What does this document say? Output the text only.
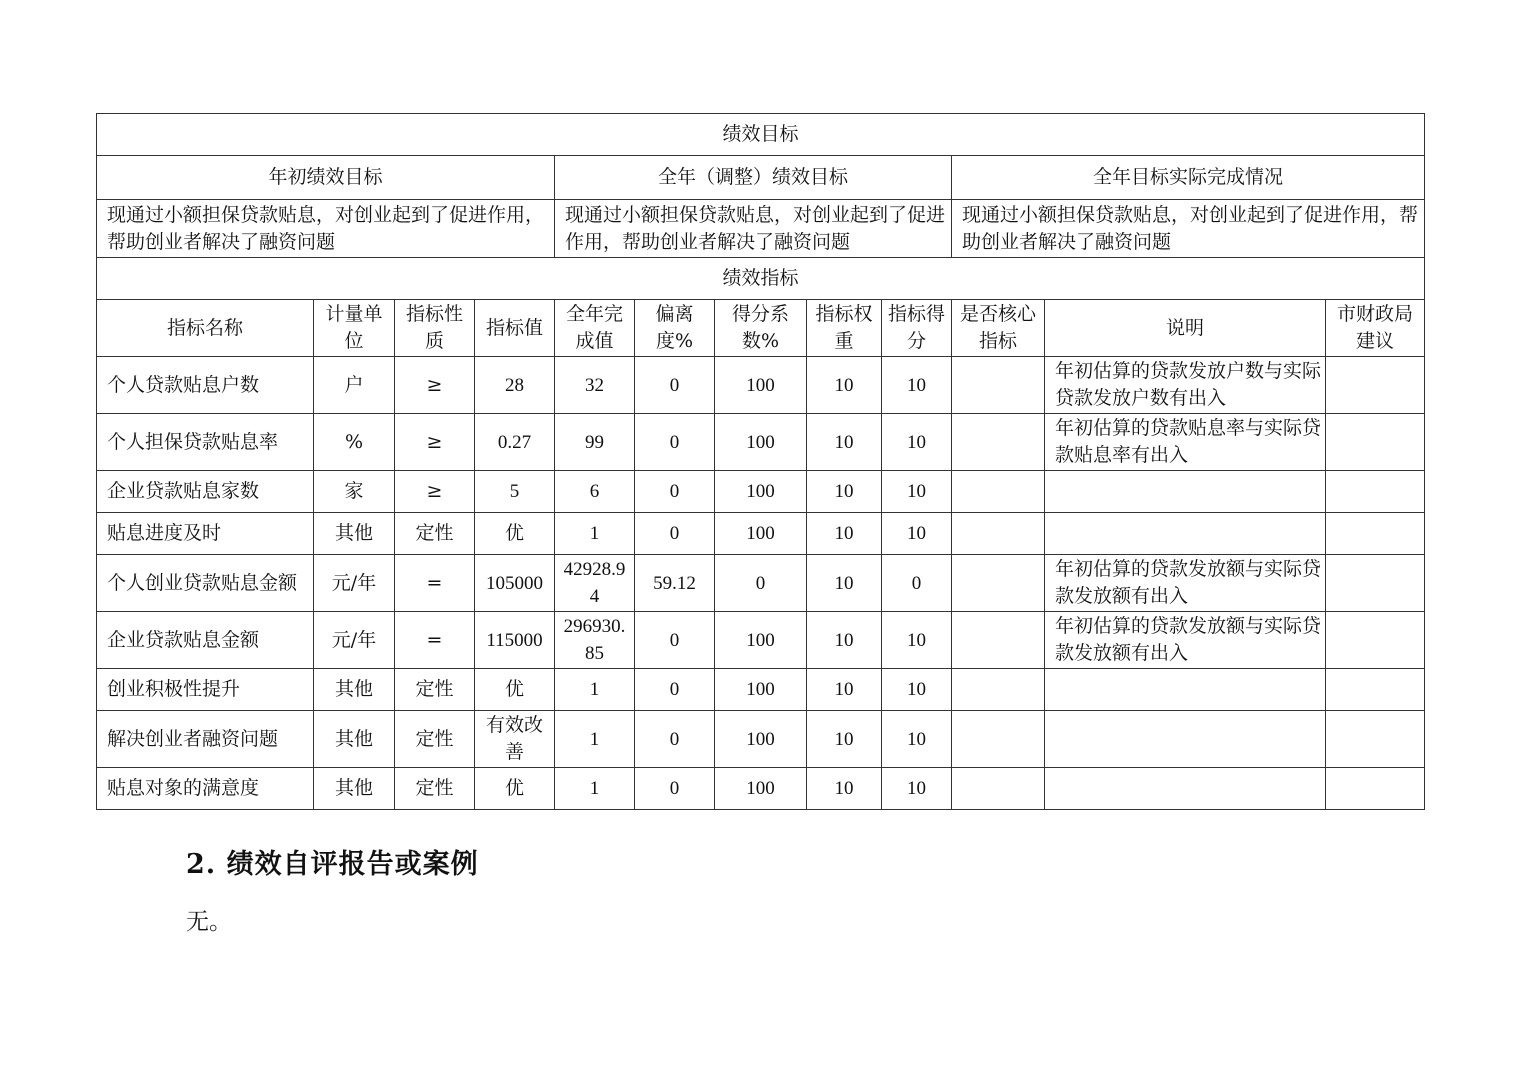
绩效目标											
年初绩效目标				全年（调整）绩效目标					全年目标实际完成情况		
现通过小额担保贷款贴息，对创业起到了促进作用，帮助创业者解决了融资问题				现通过小额担保贷款贴息，对创业起到了促进作用，帮助创业者解决了融资问题					现通过小额担保贷款贴息，对创业起到了促进作用，帮助创业者解决了融资问题		
绩效指标											
指标名称	计量单位	指标性质	指标值	全年完成值	偏离度%	得分系数%	指标权重	指标得分	是否核心指标	说明	市财政局建议
个人贷款贴息户数	户	≥	28	32	0	100	10	10		年初估算的贷款发放户数与实际贷款发放户数有出入	
个人担保贷款贴息率	%	≥	0.27	99	0	100	10	10		年初估算的贷款贴息率与实际贷款贴息率有出入	
企业贷款贴息家数	家	≥	5	6	0	100	10	10			
贴息进度及时	其他	定性	优	1	0	100	10	10			
个人创业贷款贴息金额	元/年	=	105000	42928.94	59.12	0	10	0		年初估算的贷款发放额与实际贷款发放额有出入	
企业贷款贴息金额	元/年	=	115000	296930.85	0	100	10	10		年初估算的贷款发放额与实际贷款发放额有出入	
创业积极性提升	其他	定性	优	1	0	100	10	10			
解决创业者融资问题	其他	定性	有效改善	1	0	100	10	10			
贴息对象的满意度	其他	定性	优	1	0	100	10	10			
2. 绩效自评报告或案例
无。
